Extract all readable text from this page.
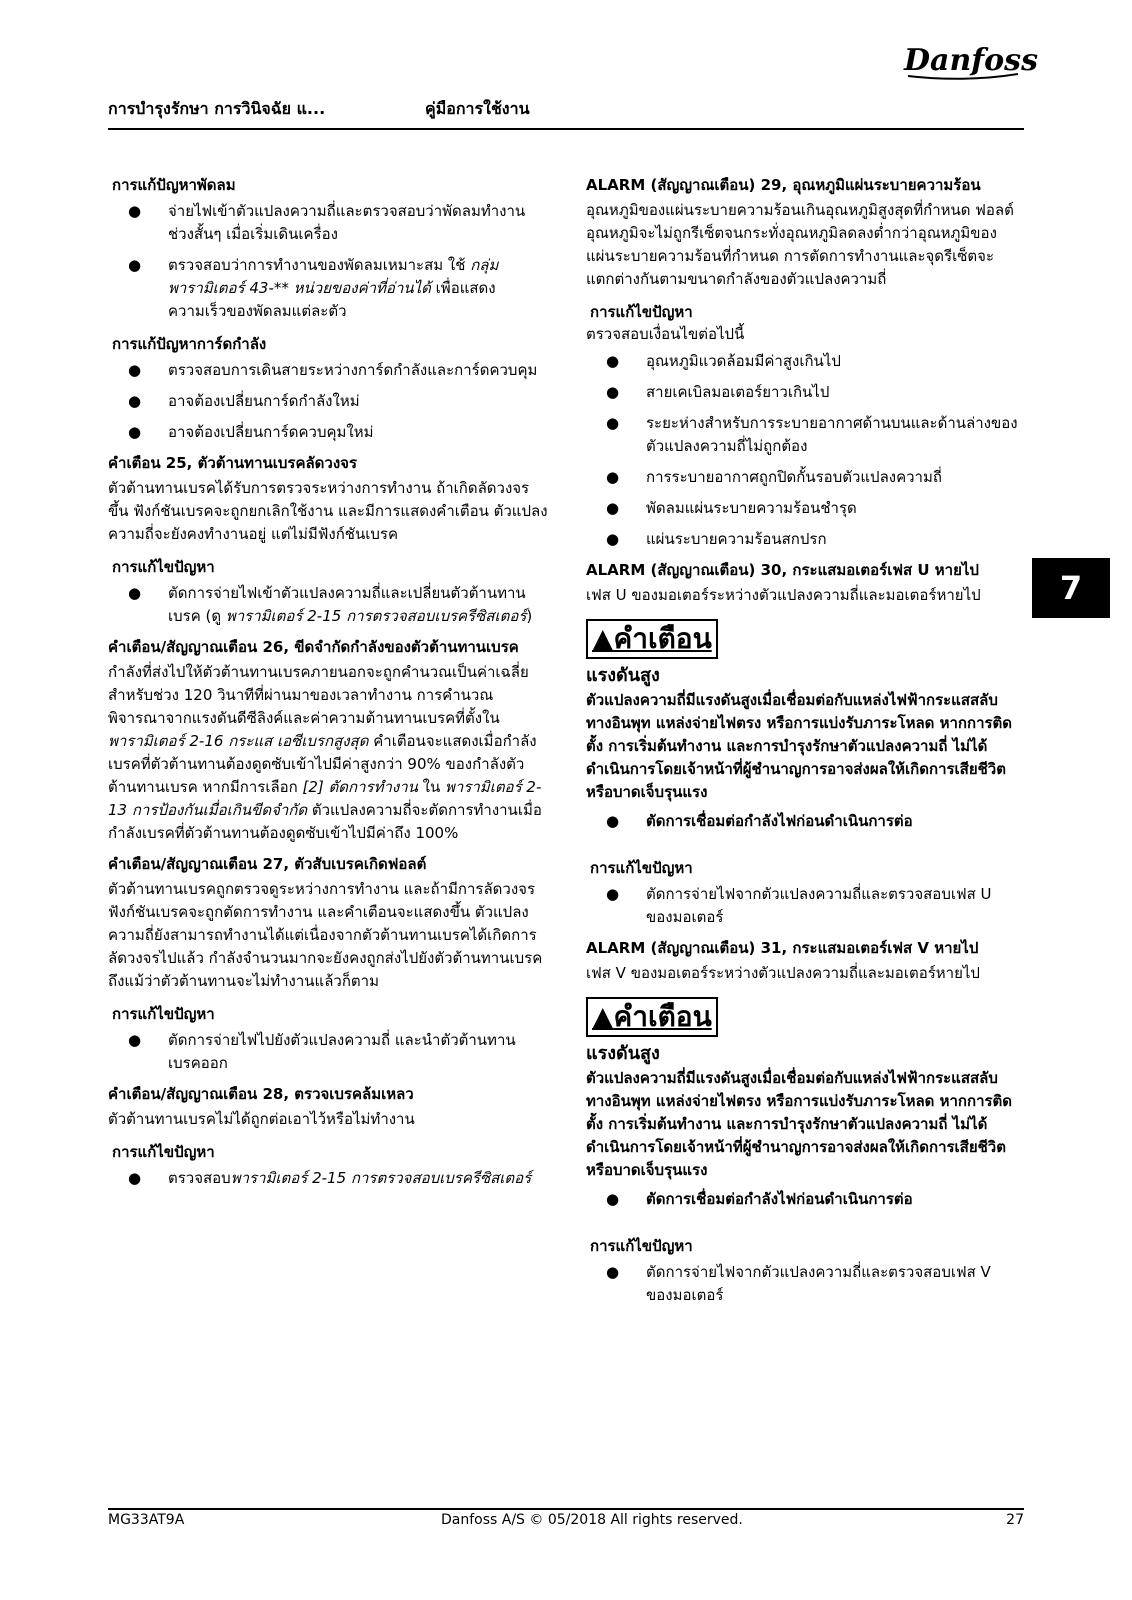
Danfoss
การบำรุงรักษา การวินิจฉัย แ...	คู่มือการใช้งาน
7
การแก้ปัญหาพัดลม
● จ่ายไฟเข้าตัวแปลงความถี่และตรวจสอบว่าพัดลมทำงานช่วงสั้นๆ เมื่อเริ่มเดินเครื่อง
● ตรวจสอบว่าการทำงานของพัดลมเหมาะสม ใช้ กลุ่มพารามิเตอร์ 43-** หน่วยของค่าที่อ่านได้ เพื่อแสดงความเร็วของพัดลมแต่ละตัว
การแก้ปัญหาการ์ดกำลัง
● ตรวจสอบการเดินสายระหว่างการ์ดกำลังและการ์ดควบคุม
● อาจต้องเปลี่ยนการ์ดกำลังใหม่
● อาจต้องเปลี่ยนการ์ดควบคุมใหม่
คำเตือน 25, ตัวต้านทานเบรคลัดวงจร
ตัวต้านทานเบรคได้รับการตรวจระหว่างการทำงาน ถ้าเกิดลัดวงจรขึ้น ฟังก์ชันเบรคจะถูกยกเลิกใช้งาน และมีการแสดงคำเตือน ตัวแปลงความถี่จะยังคงทำงานอยู่ แต่ไม่มีฟังก์ชันเบรค
การแก้ไขปัญหา
● ตัดการจ่ายไฟเข้าตัวแปลงความถี่และเปลี่ยนตัวต้านทานเบรค (ดู พารามิเตอร์ 2-15 การตรวจสอบเบรครีซิสเตอร์)
คำเตือน/สัญญาณเตือน 26, ขีดจำกัดกำลังของตัวต้านทานเบรค
กำลังที่ส่งไปให้ตัวต้านทานเบรคภายนอกจะถูกคำนวณเป็นค่าเฉลี่ยสำหรับช่วง 120 วินาทีที่ผ่านมาของเวลาทำงาน การคำนวณพิจารณาจากแรงดันดีซีลิงค์และค่าความต้านทานเบรคที่ตั้งใน พารามิเตอร์ 2-16 กระแส เอซีเบรกสูงสุด คำเตือนจะแสดงเมื่อกำลังเบรคที่ตัวต้านทานต้องดูดซับเข้าไปมีค่าสูงกว่า 90% ของกำลังตัวต้านทานเบรค หากมีการเลือก [2] ตัดการทำงาน ใน พารามิเตอร์ 2-13 การป้องกันเมื่อเกินขีดจำกัด ตัวแปลงความถี่จะตัดการทำงานเมื่อกำลังเบรคที่ตัวต้านทานต้องดูดซับเข้าไปมีค่าถึง 100%
คำเตือน/สัญญาณเตือน 27, ตัวสับเบรคเกิดฟอลต์
ตัวต้านทานเบรคถูกตรวจดูระหว่างการทำงาน และถ้ามีการลัดวงจร ฟังก์ชันเบรคจะถูกตัดการทำงาน และคำเตือนจะแสดงขึ้น ตัวแปลงความถี่ยังสามารถทำงานได้แต่เนื่องจากตัวต้านทานเบรคได้เกิดการลัดวงจรไปแล้ว กำลังจำนวนมากจะยังคงถูกส่งไปยังตัวต้านทานเบรคถึงแม้ว่าตัวต้านทานจะไม่ทำงานแล้วก็ตาม
การแก้ไขปัญหา
● ตัดการจ่ายไฟไปยังตัวแปลงความถี่ และนำตัวต้านทานเบรคออก
คำเตือน/สัญญาณเตือน 28, ตรวจเบรคล้มเหลว
ตัวต้านทานเบรคไม่ได้ถูกต่อเอาไว้หรือไม่ทำงาน
การแก้ไขปัญหา
● ตรวจสอบพารามิเตอร์ 2-15 การตรวจสอบเบรครีซิสเตอร์
ALARM (สัญญาณเตือน) 29, อุณหภูมิแผ่นระบายความร้อน
อุณหภูมิของแผ่นระบายความร้อนเกินอุณหภูมิสูงสุดที่กำหนด ฟอลต์อุณหภูมิจะไม่ถูกรีเซ็ตจนกระทั่งอุณหภูมิลดลงต่ำกว่าอุณหภูมิของแผ่นระบายความร้อนที่กำหนด การตัดการทำงานและจุดรีเซ็ตจะแตกต่างกันตามขนาดกำลังของตัวแปลงความถี่
การแก้ไขปัญหา
ตรวจสอบเงื่อนไขต่อไปนี้
● อุณหภูมิแวดล้อมมีค่าสูงเกินไป
● สายเคเบิลมอเตอร์ยาวเกินไป
● ระยะห่างสำหรับการระบายอากาศด้านบนและด้านล่างของตัวแปลงความถี่ไม่ถูกต้อง
● การระบายอากาศถูกปิดกั้นรอบตัวแปลงความถี่
● พัดลมแผ่นระบายความร้อนชำรุด
● แผ่นระบายความร้อนสกปรก
ALARM (สัญญาณเตือน) 30, กระแสมอเตอร์เฟส U หายไป
เฟส U ของมอเตอร์ระหว่างตัวแปลงความถี่และมอเตอร์หายไป
▲คำเตือน
แรงดันสูง
ตัวแปลงความถี่มีแรงดันสูงเมื่อเชื่อมต่อกับแหล่งไฟฟ้ากระแสสลับทางอินพุท แหล่งจ่ายไฟตรง หรือการแบ่งรับภาระโหลด หากการติดตั้ง การเริ่มต้นทำงาน และการบำรุงรักษาตัวแปลงความถี่ ไม่ได้ดำเนินการโดยเจ้าหน้าที่ผู้ชำนาญการอาจส่งผลให้เกิดการเสียชีวิตหรือบาดเจ็บรุนแรง
● ตัดการเชื่อมต่อกำลังไฟก่อนดำเนินการต่อ
การแก้ไขปัญหา
● ตัดการจ่ายไฟจากตัวแปลงความถี่และตรวจสอบเฟส U ของมอเตอร์
ALARM (สัญญาณเตือน) 31, กระแสมอเตอร์เฟส V หายไป
เฟส V ของมอเตอร์ระหว่างตัวแปลงความถี่และมอเตอร์หายไป
▲คำเตือน
แรงดันสูง
ตัวแปลงความถี่มีแรงดันสูงเมื่อเชื่อมต่อกับแหล่งไฟฟ้ากระแสสลับทางอินพุท แหล่งจ่ายไฟตรง หรือการแบ่งรับภาระโหลด หากการติดตั้ง การเริ่มต้นทำงาน และการบำรุงรักษาตัวแปลงความถี่ ไม่ได้ดำเนินการโดยเจ้าหน้าที่ผู้ชำนาญการอาจส่งผลให้เกิดการเสียชีวิตหรือบาดเจ็บรุนแรง
● ตัดการเชื่อมต่อกำลังไฟก่อนดำเนินการต่อ
การแก้ไขปัญหา
● ตัดการจ่ายไฟจากตัวแปลงความถี่และตรวจสอบเฟส V ของมอเตอร์
MG33AT9A	Danfoss A/S © 05/2018 All rights reserved.	27
